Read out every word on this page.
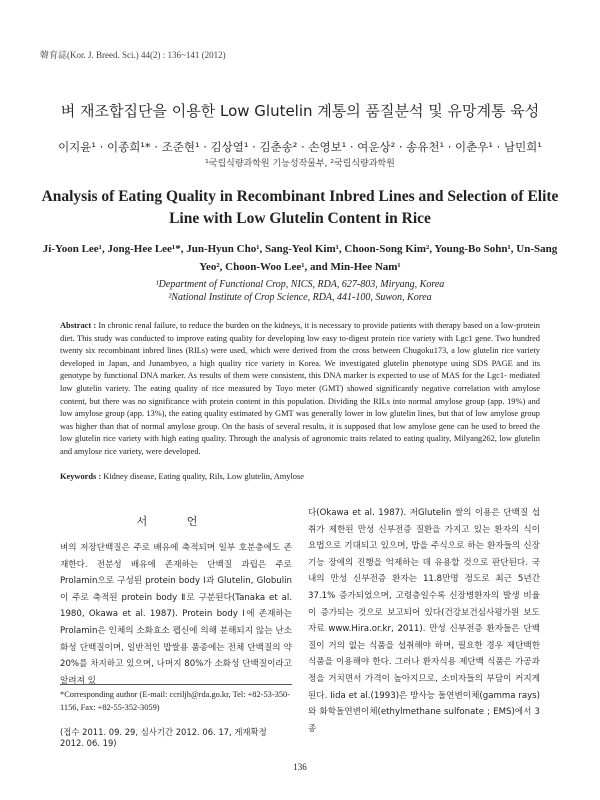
韓育誌(Kor. J. Breed. Sci.) 44(2) : 136~141 (2012)
벼 재조합집단을 이용한 Low Glutelin 계통의 품질분석 및 유망계통 육성
이지윤¹ · 이종희¹* · 조준현¹ · 김상열¹ · 김춘송² · 손영보¹ · 여운상² · 송유천¹ · 이춘우¹ · 남민희¹
¹국립식량과학원 기능성작물부, ²국립식량과학원
Analysis of Eating Quality in Recombinant Inbred Lines and Selection of Elite Line with Low Glutelin Content in Rice
Ji-Yoon Lee¹, Jong-Hee Lee¹*, Jun-Hyun Cho¹, Sang-Yeol Kim¹, Choon-Song Kim², Young-Bo Sohn¹, Un-Sang Yeo², Choon-Woo Lee¹, and Min-Hee Nam¹
¹Department of Functional Crop, NICS, RDA, 627-803, Miryang, Korea
²National Institute of Crop Science, RDA, 441-100, Suwon, Korea
Abstract : In chronic renal failure, to reduce the burden on the kidneys, it is necessary to provide patients with therapy based on a low-protein diet. This study was conducted to improve eating quality for developing low easy to-digest protein rice variety with Lgc1 gene. Two hundred twenty six recombinant inbred lines (RILs) were used, which were derived from the cross between Chugoku173, a low glutelin rice variety developed in Japan, and Junambyeo, a high quality rice variety in Korea. We investigated glutelin phenotype using SDS PAGE and its genotype by functional DNA marker. As results of them were consistent, this DNA marker is expected to use of MAS for the Lgc1- mediated low glutelin variety. The eating quality of rice measured by Toyo meter (GMT) showed significantly negative correlation with amylose content, but there was no significance with protein content in this population. Dividing the RILs into normal amylose group (app. 19%) and low amylose group (app. 13%), the eating quality estimated by GMT was generally lower in low glutelin lines, but that of low amylose group was higher than that of normal amylose group. On the basis of several results, it is supposed that low amylose gene can be used to breed the low glutelin rice variety with high eating quality. Through the analysis of agronomic traits related to eating quality, Milyang262, low glutelin and amylose rice variety, were developed.
Keywords : Kidney disease, Eating quality, Rils, Low glutelin, Amylose
서 언
벼의 저장단백질은 주로 배유에 축적되며 일부 호분층에도 존재한다. 전분성 배유에 존재하는 단백질 과립은 주로 Prolamin으로 구성된 protein body Ⅰ과 Glutelin, Globulin이 주로 축적된 protein body Ⅱ로 구분된다(Tanaka et al. 1980, Okawa et al. 1987). Protein body Ⅰ에 존재하는 Prolamin은 인체의 소화효소 펩신에 의해 분해되지 않는 난소화성 단백질이며, 일반적인 밥쌀용 품종에는 전체 단백질의 약 20%를 차지하고 있으며, 나머지 80%가 소화성 단백질이라고 알려져 있
다(Okawa et al. 1987). 저Glutelin 쌀의 이용은 단백질 섭취가 제한된 만성 신부전증 질환을 가지고 있는 환자의 식이 요법으로 기대되고 있으며, 밥을 주식으로 하는 환자들의 신장기능 장애의 진행을 억제하는 데 유용할 것으로 판단된다. 국내의 만성 신부전증 환자는 11.8만명 정도로 최근 5년간 37.1% 증가되었으며, 고령층일수록 신장병환자의 발생 비율이 증가되는 것으로 보고되어 있다(건강보건심사평가원 보도자료 www.Hira.or.kr, 2011). 만성 신부전증 환자들은 단백질이 거의 없는 식품을 섭취해야 하며, 필요한 경우 제단백한 식품을 이용해야 한다. 그러나 환자식용 제단백 식품은 가공과정을 거치면서 가격이 높아지므로, 소비자들의 부담이 커지게 된다. Iida et al.(1993)은 방사능 돌연변이체(gamma rays)와 화학돌연변이체(ethylmethane sulfonate ; EMS)에서 3종
*Corresponding author (E-mail: ccriljh@rda.go.kr, Tel: +82-53-350-1156, Fax: +82-55-352-3059)
(접수 2011. 09. 29, 심사기간 2012. 06. 17, 게재확정 2012. 06. 19)
136
